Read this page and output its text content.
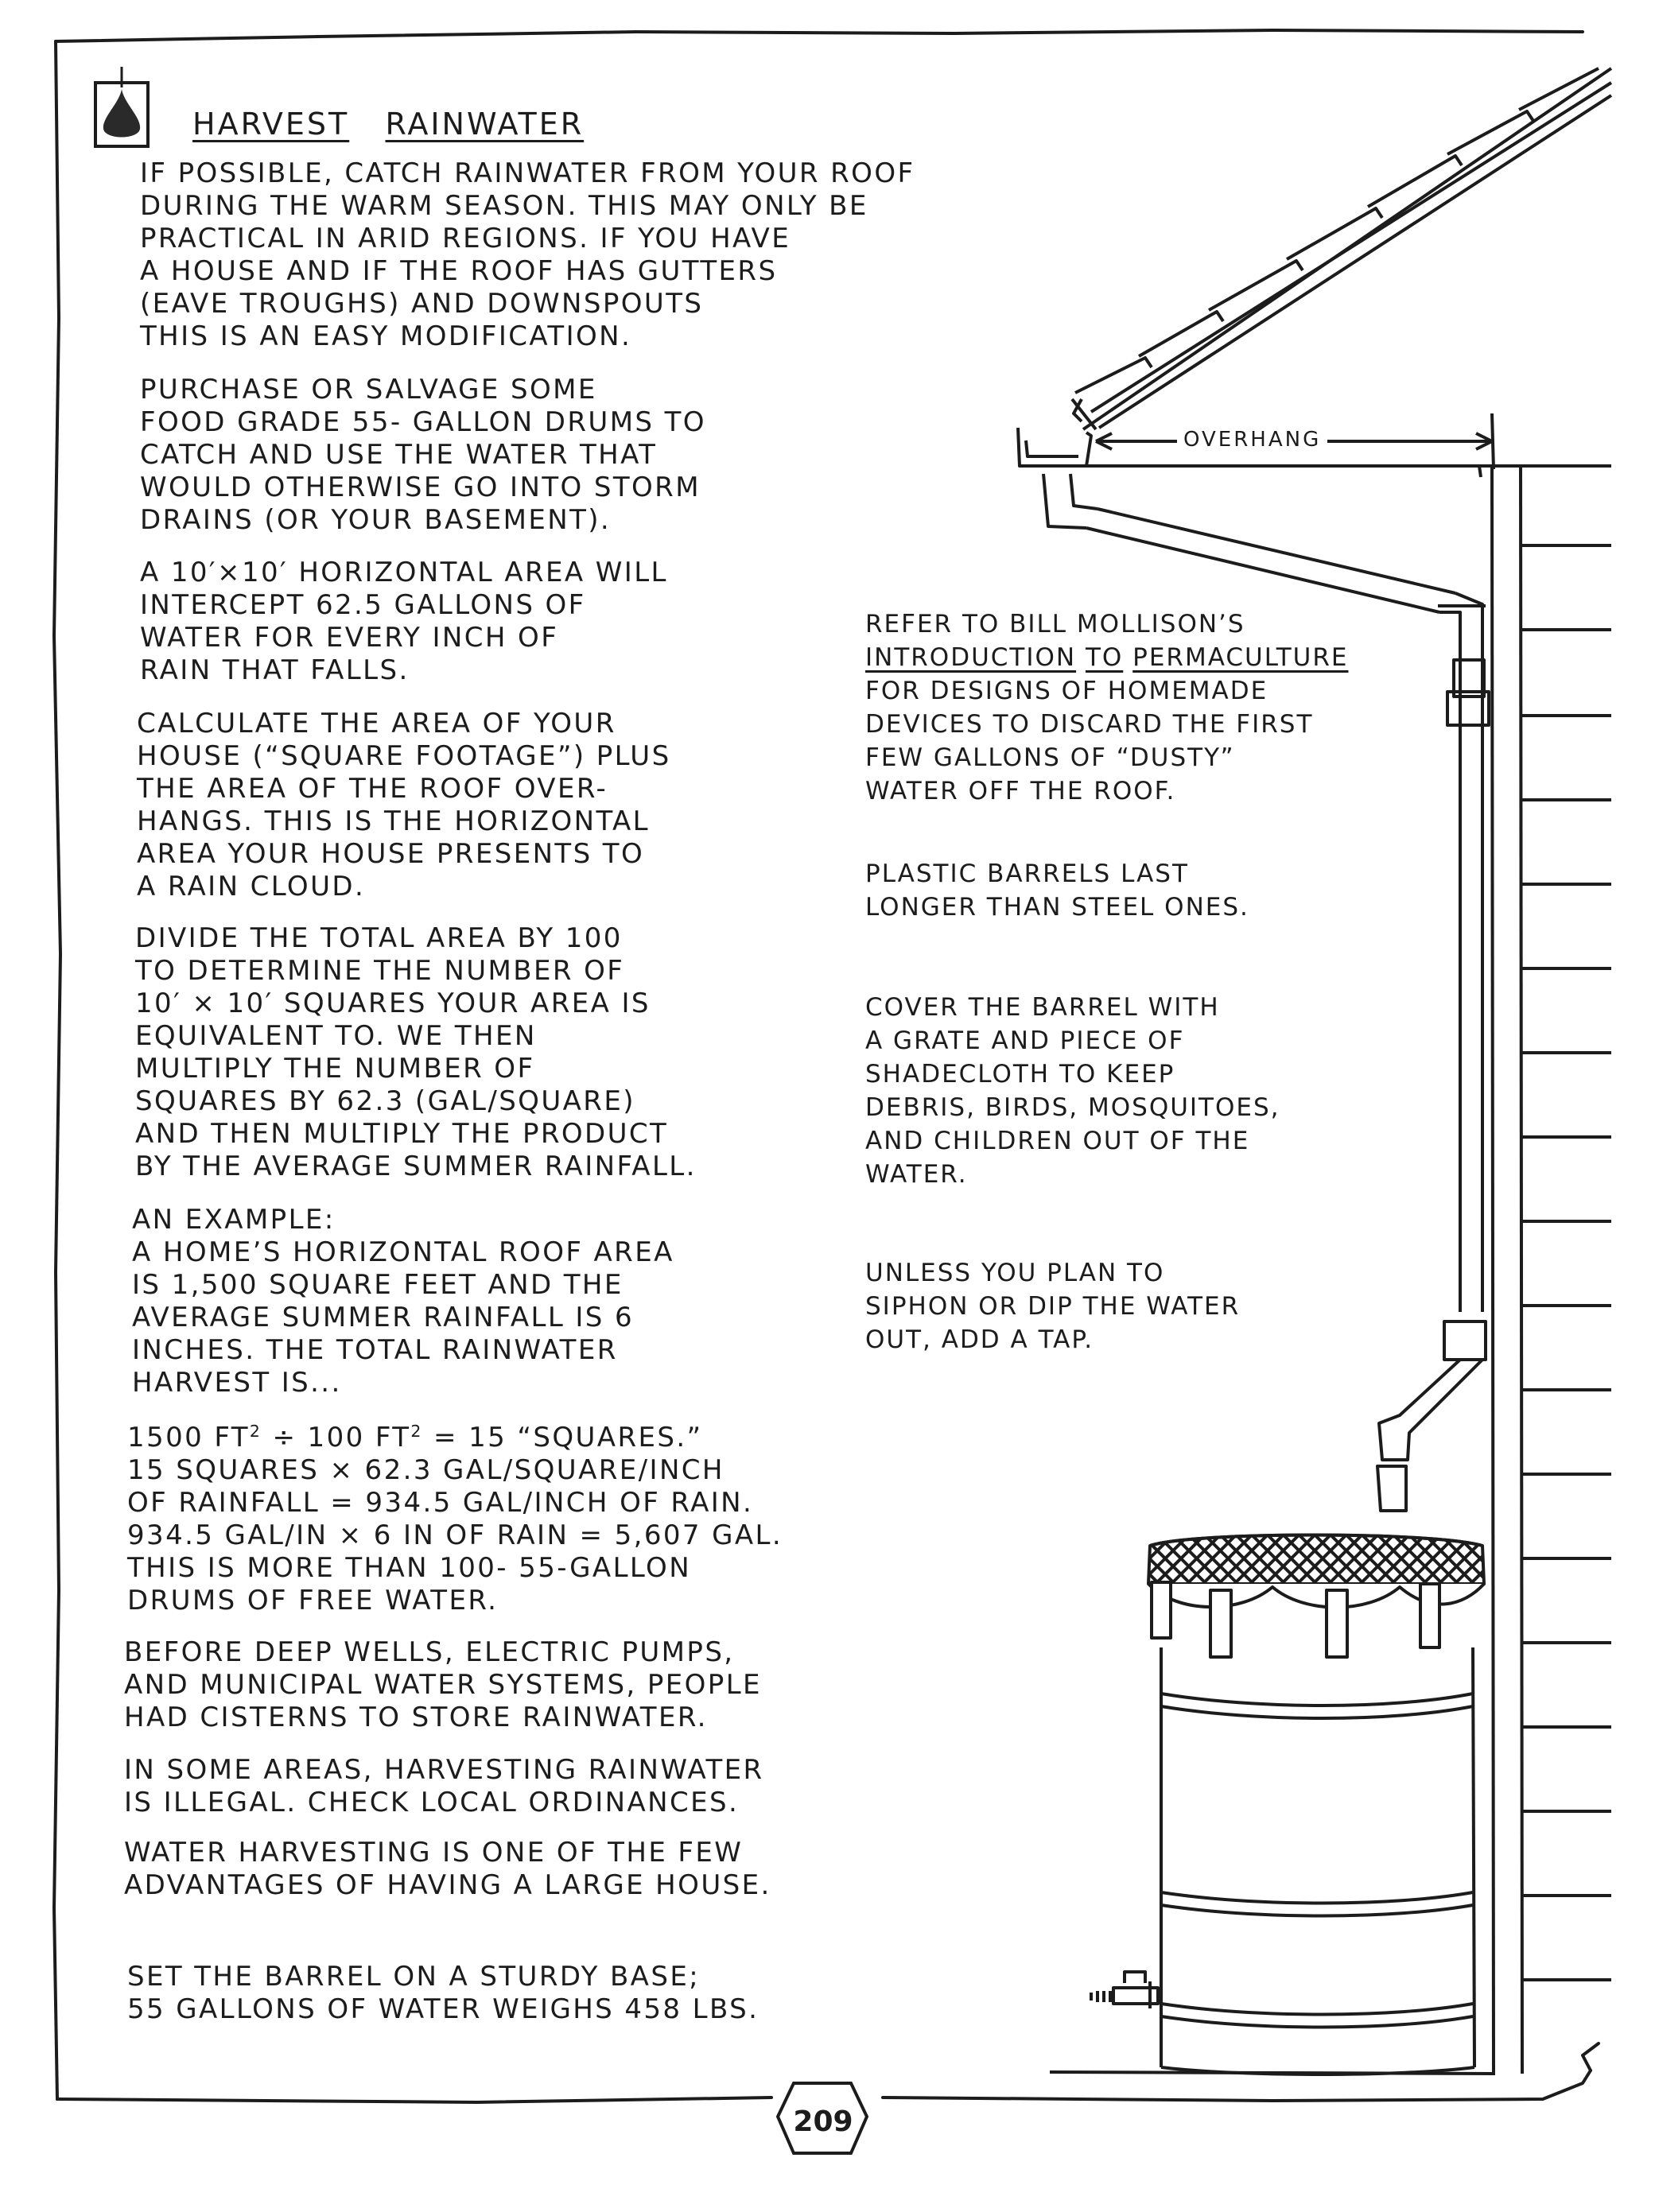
HARVEST RAINWATER
IF POSSIBLE, CATCH RAINWATER FROM YOUR ROOF
DURING THE WARM SEASON. THIS MAY ONLY BE
PRACTICAL IN ARID REGIONS. IF YOU HAVE
A HOUSE AND IF THE ROOF HAS GUTTERS
(EAVE TROUGHS) AND DOWNSPOUTS
THIS IS AN EASY MODIFICATION.
PURCHASE OR SALVAGE SOME
FOOD GRADE 55- GALLON DRUMS TO
CATCH AND USE THE WATER THAT
WOULD OTHERWISE GO INTO STORM
DRAINS (OR YOUR BASEMENT).
A 10′×10′ HORIZONTAL AREA WILL
INTERCEPT 62.5 GALLONS OF
WATER FOR EVERY INCH OF
RAIN THAT FALLS.
CALCULATE THE AREA OF YOUR
HOUSE (“SQUARE FOOTAGE”) PLUS
THE AREA OF THE ROOF OVER-
HANGS. THIS IS THE HORIZONTAL
AREA YOUR HOUSE PRESENTS TO
A RAIN CLOUD.
DIVIDE THE TOTAL AREA BY 100
TO DETERMINE THE NUMBER OF
10′ × 10′ SQUARES YOUR AREA IS
EQUIVALENT TO. WE THEN
MULTIPLY THE NUMBER OF
SQUARES BY 62.3 (GAL/SQUARE)
AND THEN MULTIPLY THE PRODUCT
BY THE AVERAGE SUMMER RAINFALL.
AN EXAMPLE:
A HOME’S HORIZONTAL ROOF AREA
IS 1,500 SQUARE FEET AND THE
AVERAGE SUMMER RAINFALL IS 6
INCHES. THE TOTAL RAINWATER
HARVEST IS...
1500 $FT^2 \div 100$ $FT^2 = 15$ “SQUARES.”
15 SQUARES × 62.3 GAL/SQUARE/INCH
OF RAINFALL = 934.5 GAL/INCH OF RAIN.
934.5 GAL/IN × 6 IN OF RAIN = 5,607 GAL.
THIS IS MORE THAN 100- 55-GALLON
DRUMS OF FREE WATER.
BEFORE DEEP WELLS, ELECTRIC PUMPS,
AND MUNICIPAL WATER SYSTEMS, PEOPLE
HAD CISTERNS TO STORE RAINWATER.
IN SOME AREAS, HARVESTING RAINWATER
IS ILLEGAL. CHECK LOCAL ORDINANCES.
WATER HARVESTING IS ONE OF THE FEW
ADVANTAGES OF HAVING A LARGE HOUSE.
SET THE BARREL ON A STURDY BASE;
55 GALLONS OF WATER WEIGHS 458 LBS.
REFER TO BILL MOLLISON’S
INTRODUCTION TO PERMACULTURE
FOR DESIGNS OF HOMEMADE
DEVICES TO DISCARD THE FIRST
FEW GALLONS OF “DUSTY”
WATER OFF THE ROOF.
PLASTIC BARRELS LAST
LONGER THAN STEEL ONES.
COVER THE BARREL WITH
A GRATE AND PIECE OF
SHADECLOTH TO KEEP
DEBRIS, BIRDS, MOSQUITOES,
AND CHILDREN OUT OF THE
WATER.
UNLESS YOU PLAN TO
SIPHON OR DIP THE WATER
OUT, ADD A TAP.
OVERHANG
209
